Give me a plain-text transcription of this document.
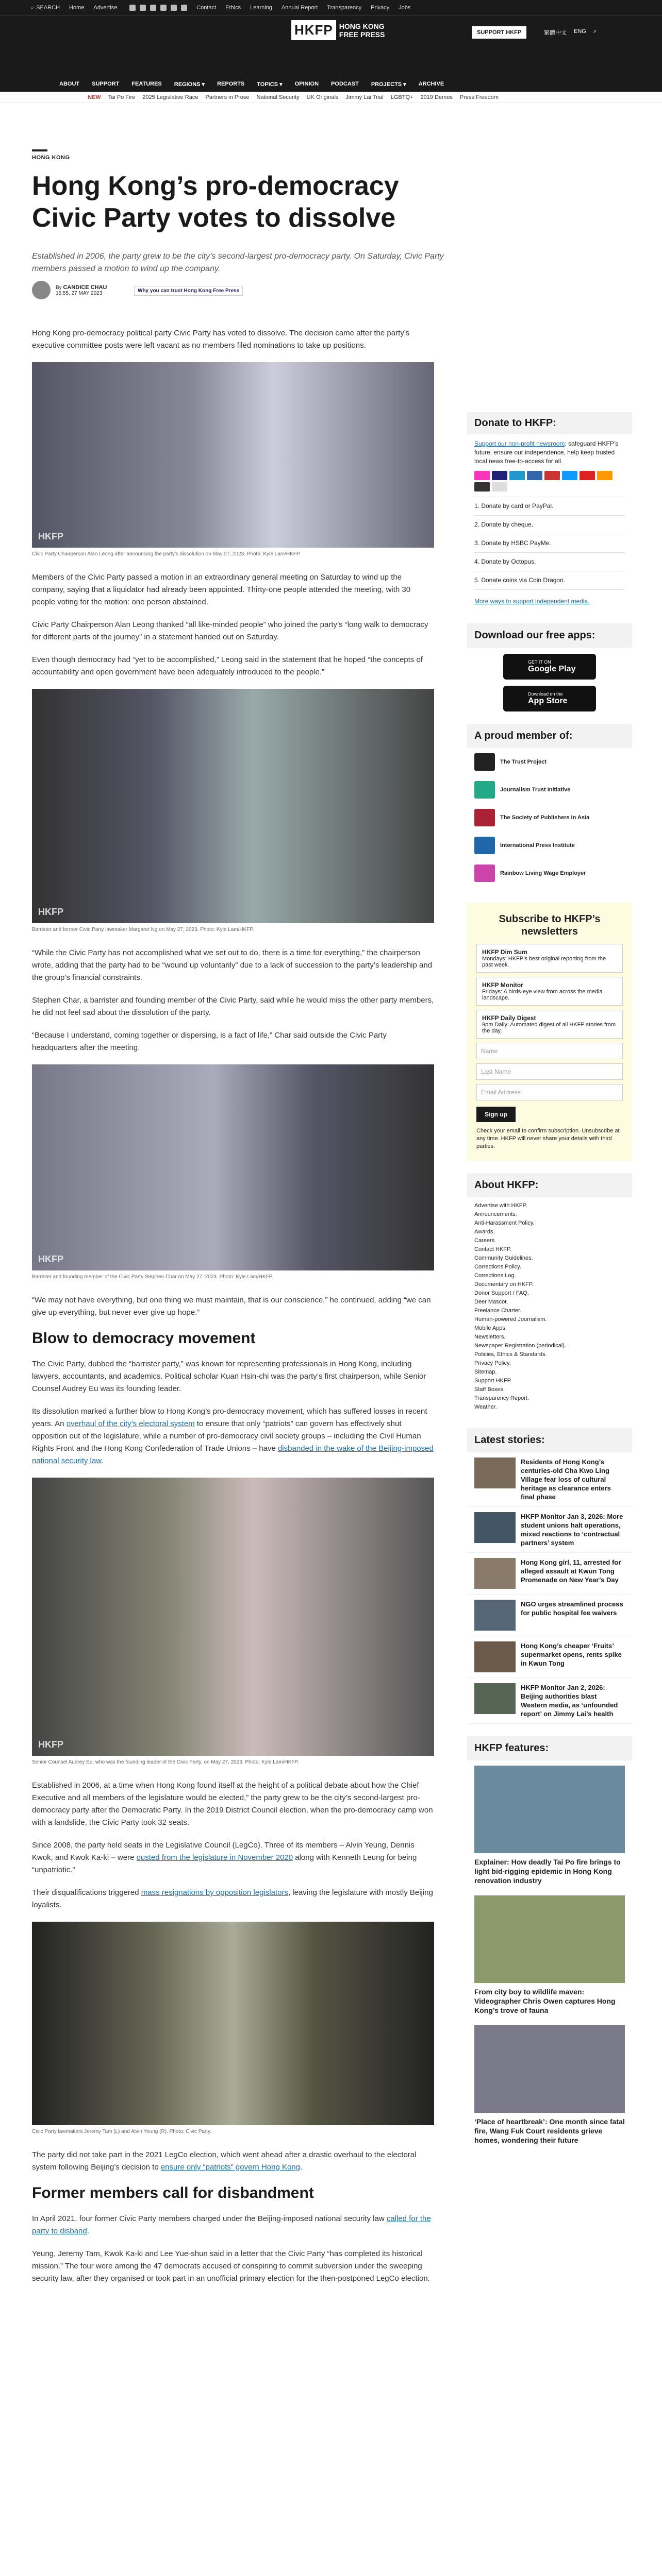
⌕ SEARCH Home Advertise	Contact Ethics Learning Annual Report Transparency Privacy Jobs
HKFP HONG KONG
FREE PRESS	SUPPORT HKFP	繁體中文 ENG ⌕
ABOUT SUPPORT FEATURES REGIONS ▾ REPORTS TOPICS ▾ OPINION PODCAST PROJECTS ▾ ARCHIVE
NEW Tai Po Fire 2025 Legislative Race Partners in Prose National Security UK Originals Jimmy Lai Trial LGBTQ+ 2019 Demos Press Freedom
HONG KONG
Hong Kong’s pro-democracy Civic Party votes to dissolve
Established in 2006, the party grew to be the city’s second-largest pro-democracy party. On Saturday, Civic Party members passed a motion to wind up the company.
By CANDICE CHAU
16:55, 27 MAY 2023	Why you can trust Hong Kong Free Press

Hong Kong pro-democracy political party Civic Party has voted to dissolve. The decision came after the party’s executive committee posts were left vacant as no members filed nominations to take up positions.

HKFP
Civic Party Chairperson Alan Leong after announcing the party’s dissolution on May 27, 2023. Photo: Kyle Lam/HKFP.

Members of the Civic Party passed a motion in an extraordinary general meeting on Saturday to wind up the company, saying that a liquidator had already been appointed. Thirty-one people attended the meeting, with 30 people voting for the motion: one person abstained.

Civic Party Chairperson Alan Leong thanked “all like-minded people” who joined the party’s “long walk to democracy for different parts of the journey” in a statement handed out on Saturday.

Even though democracy had “yet to be accomplished,” Leong said in the statement that he hoped “the concepts of accountability and open government have been adequately introduced to the people.”

HKFP
Barrister and former Civic Party lawmaker Margaret Ng on May 27, 2023. Photo: Kyle Lam/HKFP.

“While the Civic Party has not accomplished what we set out to do, there is a time for everything,” the chairperson wrote, adding that the party had to be “wound up voluntarily” due to a lack of succession to the party’s leadership and the group’s financial constraints.

Stephen Char, a barrister and founding member of the Civic Party, said while he would miss the other party members, he did not feel sad about the dissolution of the party.

“Because I understand, coming together or dispersing, is a fact of life,” Char said outside the Civic Party headquarters after the meeting.

HKFP
Barrister and founding member of the Civic Party Stephen Char on May 27, 2023. Photo: Kyle Lam/HKFP.

“We may not have everything, but one thing we must maintain, that is our conscience,” he continued, adding “we can give up everything, but never ever give up hope.”

Blow to democracy movement

The Civic Party, dubbed the “barrister party,” was known for representing professionals in Hong Kong, including lawyers, accountants, and academics. Political scholar Kuan Hsin-chi was the party’s first chairperson, while Senior Counsel Audrey Eu was its founding leader.

Its dissolution marked a further blow to Hong Kong’s pro-democracy movement, which has suffered losses in recent years. An overhaul of the city’s electoral system to ensure that only “patriots” can govern has effectively shut opposition out of the legislature, while a number of pro-democracy civil society groups – including the Civil Human Rights Front and the Hong Kong Confederation of Trade Unions – have disbanded in the wake of the Beijing-imposed national security law.

HKFP
Senior Counsel Audrey Eu, who was the founding leader of the Civic Party, on May 27, 2023. Photo: Kyle Lam/HKFP.

Established in 2006, at a time when Hong Kong found itself at the height of a political debate about how the Chief Executive and all members of the legislature would be elected,” the party grew to be the city’s second-largest pro-democracy party after the Democratic Party. In the 2019 District Council election, when the pro-democracy camp won with a landslide, the Civic Party took 32 seats.

Since 2008, the party held seats in the Legislative Council (LegCo). Three of its members – Alvin Yeung, Dennis Kwok, and Kwok Ka-ki – were ousted from the legislature in November 2020 along with Kenneth Leung for being “unpatriotic.”

Their disqualifications triggered mass resignations by opposition legislators, leaving the legislature with mostly Beijing loyalists.

Civic Party lawmakers Jeremy Tam (L) and Alvin Yeung (R). Photo: Civic Party.

The party did not take part in the 2021 LegCo election, which went ahead after a drastic overhaul to the electoral system following Beijing’s decision to ensure only “patriots” govern Hong Kong.

Former members call for disbandment

In April 2021, four former Civic Party members charged under the Beijing-imposed national security law called for the party to disband.

Yeung, Jeremy Tam, Kwok Ka-ki and Lee Yue-shun said in a letter that the Civic Party “has completed its historical mission.” The four were among the 47 democrats accused of conspiring to commit subversion under the sweeping security law, after they organised or took part in an unofficial primary election for the then-postponed LegCo election.

Donate to HKFP:
Support our non-profit newsroom: safeguard HKFP’s future, ensure our independence, help keep trusted local news free-to-access for all.
1. Donate by card or PayPal.
2. Donate by cheque.
3. Donate by HSBC PayMe.
4. Donate by Octopus.
5. Donate coins via Coin Dragon.
More ways to support independent media.
Download our free apps:
GET IT ON
Google Play
Download on the
App Store
A proud member of:
The Trust Project
Journalism Trust Initiative
The Society of Publishers in Asia
International Press Institute
Rainbow Living Wage Employer
Subscribe to HKFP’s newsletters
HKFP Dim Sum
Mondays: HKFP’s best original reporting from the past week.
HKFP Monitor
Fridays: A birds-eye view from across the media landscape.
HKFP Daily Digest
9pm Daily: Automated digest of all HKFP stories from the day.
Name
Last Name
Email Address
Sign up
Check your email to confirm subscription. Unsubscribe at any time. HKFP will never share your details with third parties.
About HKFP:
Advertise with HKFP.
Announcements.
Anti-Harassment Policy.
Awards.
Careers.
Contact HKFP.
Community Guidelines.
Corrections Policy.
Corrections Log.
Documentary on HKFP.
Donor Support / FAQ.
Deer Mascot.
Freelance Charter.
Human-powered Journalism.
Mobile Apps.
Newsletters.
Newspaper Registration (periodical).
Policies, Ethics & Standards.
Privacy Policy.
Sitemap.
Support HKFP.
Staff Boxes.
Transparency Report.
Weather.
Latest stories:
Residents of Hong Kong’s centuries-old Cha Kwo Ling Village fear loss of cultural heritage as clearance enters final phase
HKFP Monitor Jan 3, 2026: More student unions halt operations, mixed reactions to ‘contractual partners’ system
Hong Kong girl, 11, arrested for alleged assault at Kwun Tong Promenade on New Year’s Day
NGO urges streamlined process for public hospital fee waivers
Hong Kong’s cheaper ‘Fruits’ supermarket opens, rents spike in Kwun Tong
HKFP Monitor Jan 2, 2026: Beijing authorities blast Western media, as ‘unfounded report’ on Jimmy Lai’s health
HKFP features:
Explainer: How deadly Tai Po fire brings to light bid-rigging epidemic in Hong Kong renovation industry
From city boy to wildlife maven: Videographer Chris Owen captures Hong Kong’s trove of fauna
‘Place of heartbreak’: One month since fatal fire, Wang Fuk Court residents grieve homes, wondering their future
